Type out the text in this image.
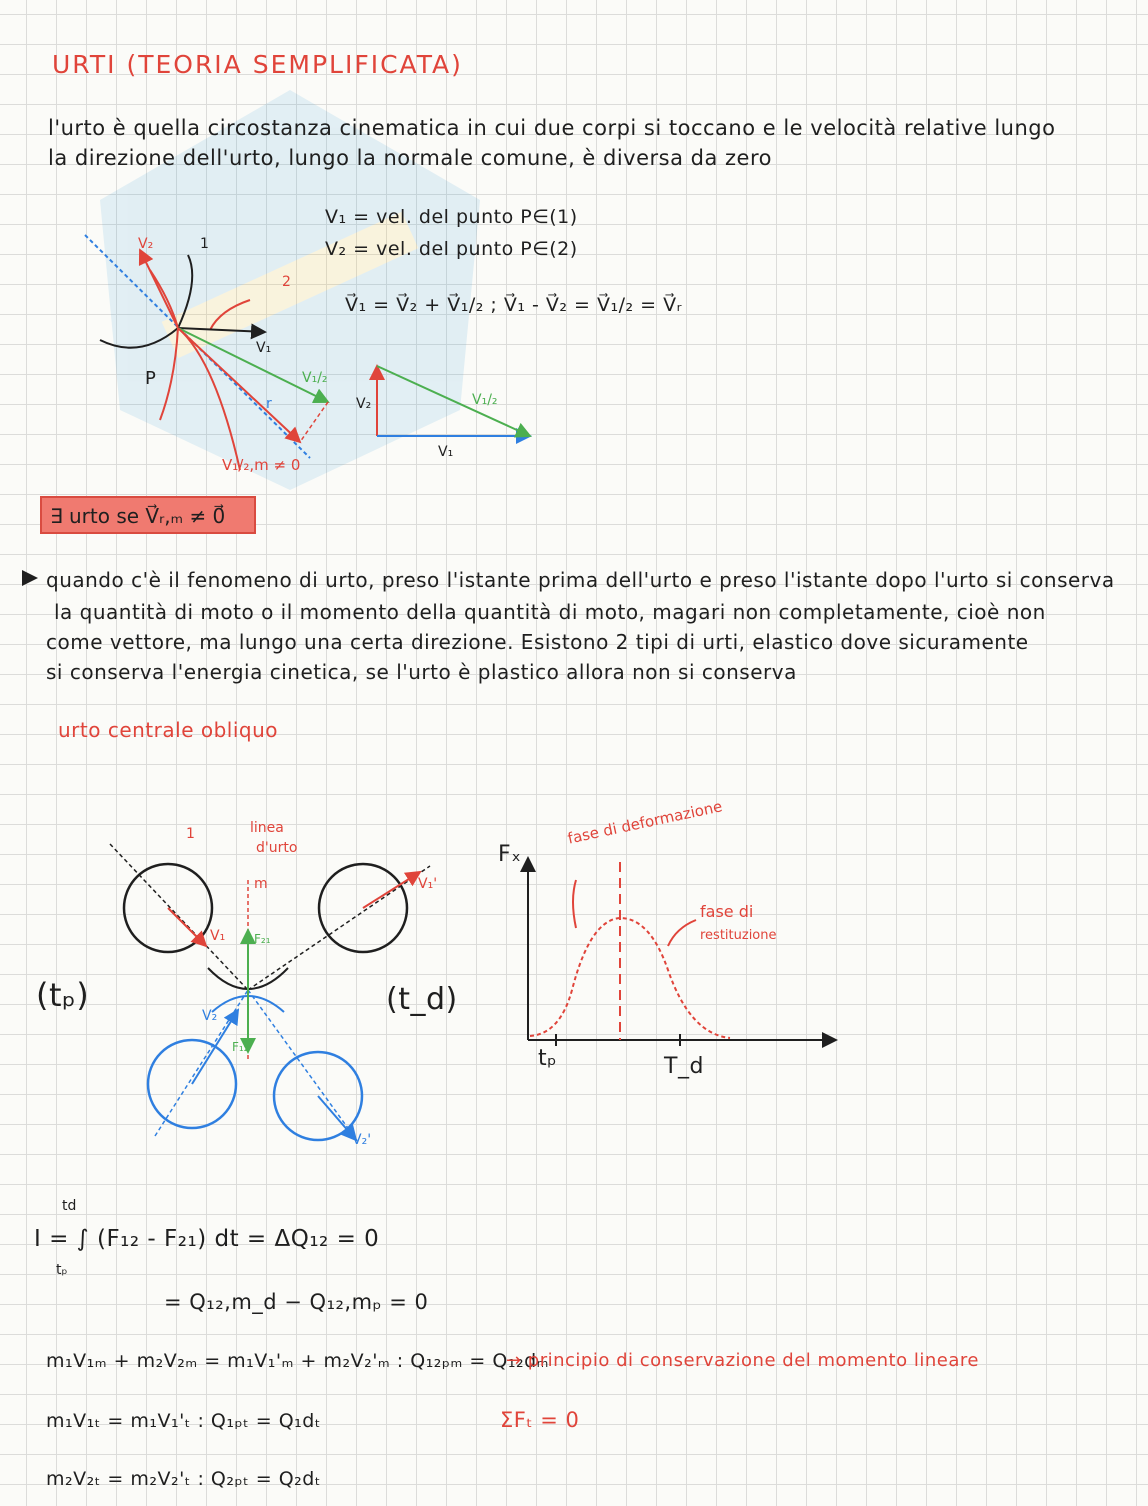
URTI (TEORIA SEMPLIFICATA)
l'urto è quella circostanza cinematica in cui due corpi si toccano e le velocità relative lungo
la direzione dell'urto, lungo la normale comune, è diversa da zero
V₁ = vel. del punto P∈(1)
V₂ = vel. del punto P∈(2)
V⃗₁ = V⃗₂ + V⃗₁/₂ ; V⃗₁ - V⃗₂ = V⃗₁/₂ = V⃗ᵣ
V₂	1
2
V₁
P	V₁/₂
r
V₁/₂,m ≠ 0
V₂	V₁/₂
V₁
∃ urto se V⃗ᵣ,ₘ ≠ 0⃗
quando c'è il fenomeno di urto, preso l'istante prima dell'urto e preso l'istante dopo l'urto si conserva
la quantità di moto o il momento della quantità di moto, magari non completamente, cioè non
come vettore, ma lungo una certa direzione. Esistono 2 tipi di urti, elastico dove sicuramente
si conserva l'energia cinetica, se l'urto è plastico allora non si conserva
urto centrale obliquo
1	linea
d'urto
m
V₁ F₂₁
V₁'
(tₚ)	(t_d)
V₂
F₁₂
V₂'
Fₓ
fase di deformazione
fase di
restituzione
tₚ	T_d
td
tₚ
I = ∫ (F₁₂ - F₂₁) dt = ΔQ₁₂ = 0
= Q₁₂,m_d − Q₁₂,mₚ = 0
m₁V₁ₘ + m₂V₂ₘ = m₁V₁'ₘ + m₂V₂'ₘ : Q₁₂ₚₘ = Q₁₂dₘ
→ principio di conservazione del momento lineare
m₁V₁ₜ = m₁V₁'ₜ : Q₁ₚₜ = Q₁dₜ	ΣFₜ = 0
m₂V₂ₜ = m₂V₂'ₜ : Q₂ₚₜ = Q₂dₜ
